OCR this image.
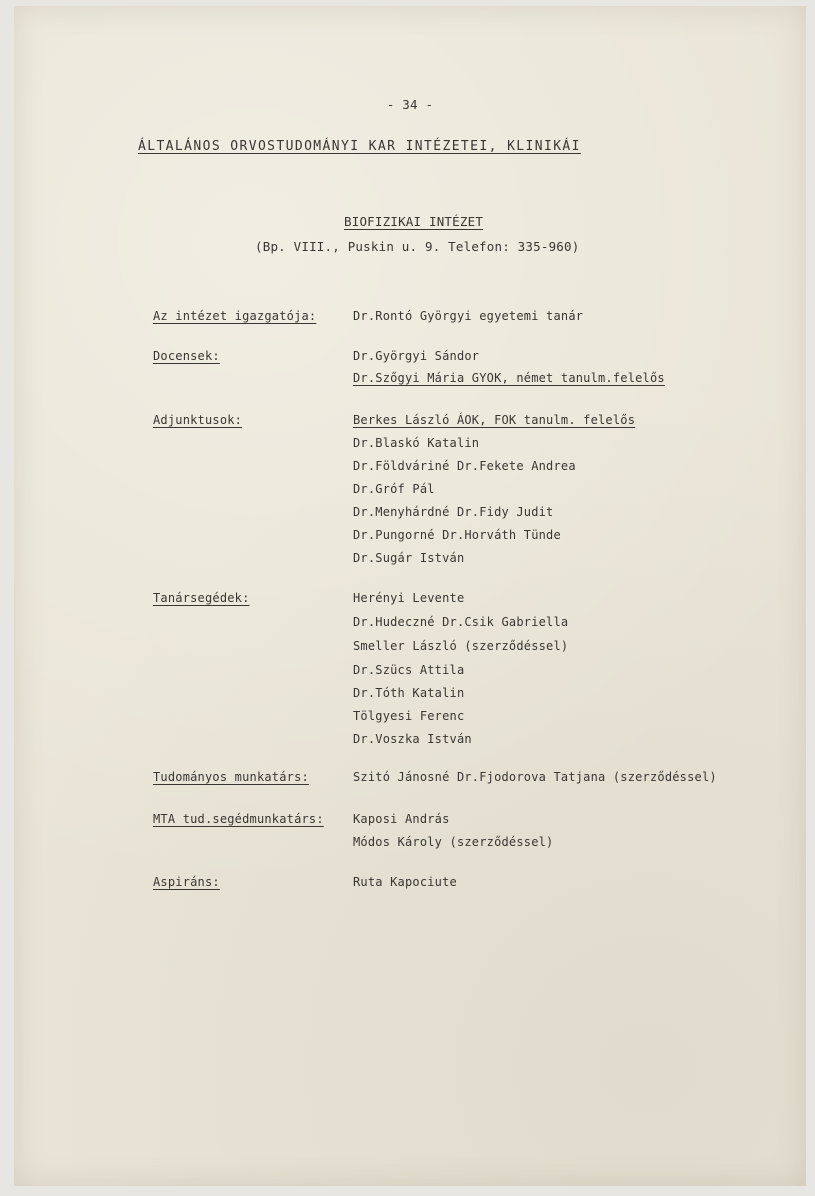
- 34 -
ÁLTALÁNOS ORVOSTUDOMÁNYI KAR INTÉZETEI, KLINIKÁI
BIOFIZIKAI INTÉZET
(Bp. VIII., Puskin u. 9. Telefon: 335-960)
Az intézet igazgatója:	Dr.Rontó Györgyi egyetemi tanár
Docensek:	Dr.Györgyi Sándor
Dr.Szőgyi Mária GYOK, német tanulm.felelős
Adjunktusok:	Berkes László ÁOK, FOK tanulm. felelős
Dr.Blaskó Katalin
Dr.Földváriné Dr.Fekete Andrea
Dr.Gróf Pál
Dr.Menyhárdné Dr.Fidy Judit
Dr.Pungorné Dr.Horváth Tünde
Dr.Sugár István
Tanársegédek:	Herényi Levente
Dr.Hudeczné Dr.Csik Gabriella
Smeller László (szerződéssel)
Dr.Szücs Attila
Dr.Tóth Katalin
Tölgyesi Ferenc
Dr.Voszka István
Tudományos munkatárs:	Szitó Jánosné Dr.Fjodorova Tatjana (szerződéssel)
MTA tud.segédmunkatárs: Kaposi András
Módos Károly (szerződéssel)
Aspiráns:	Ruta Kapociute
